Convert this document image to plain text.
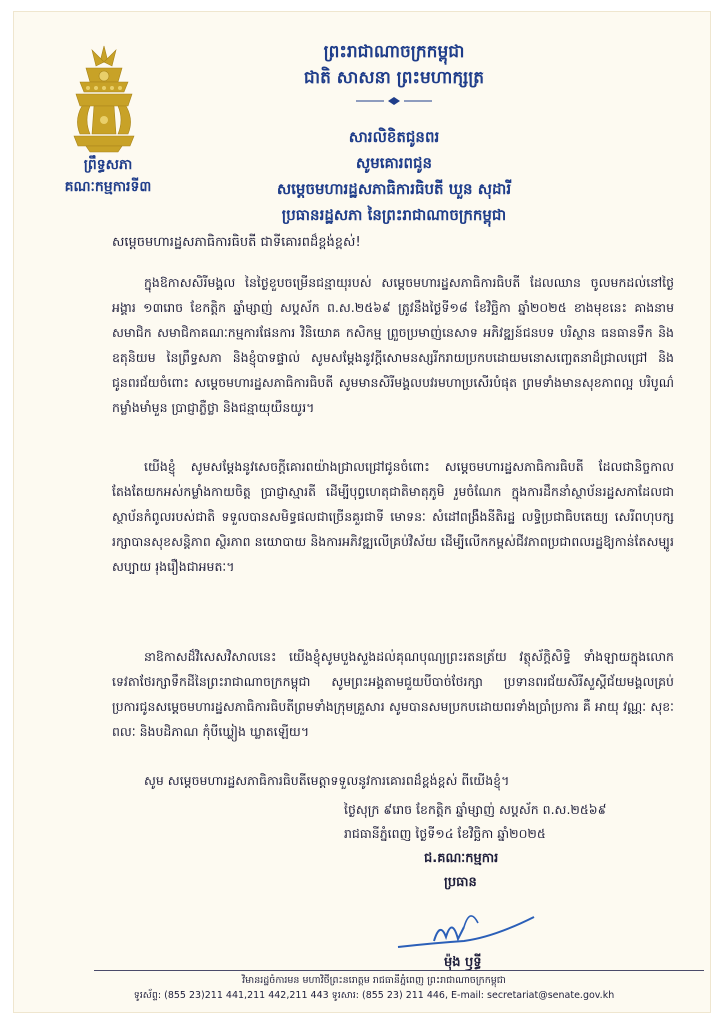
ព្រឹទ្ធសភា
គណៈកម្មការទី៣
ព្រះរាជាណាចក្រកម្ពុជា
ជាតិ សាសនា ព្រះមហាក្សត្រ
សារលិខិតជូនពរ
សូមគោរពជូន
សម្ដេចមហារដ្ឋសភាធិការធិបតី ឃួន សុដារី
ប្រធានរដ្ឋសភា នៃព្រះរាជាណាចក្រកម្ពុជា
សម្ដេចមហារដ្ឋសភាធិការធិបតី ជាទីគោរពដ៏ខ្ពង់ខ្ពស់!
ក្នុងឱកាសសិរីមង្គល នៃថ្ងៃខួបចម្រើនជន្មាយុរបស់ សម្ដេចមហារដ្ឋសភាធិការធិបតី ដែលឈាន ចូលមកដល់នៅថ្ងៃអង្គារ ១៣រោច ខែកត្ដិក ឆ្នាំម្សាញ់ សប្ដស័ក ព.ស.២៥៦៩ ត្រូវនឹងថ្ងៃទី១៨ ខែវិច្ឆិកា ឆ្នាំ២០២៥ ខាងមុខនេះ គាងនាមសមាជិក សមាជិកាគណៈកម្មការផែនការ វិនិយោគ កសិកម្ម ព្រួចប្រមាញ់នេសាទ អភិវឌ្ឍន៍ជនបទ បរិស្ថាន ធនធានទឹក និងឧតុនិយម នៃព្រឹទ្ធសភា និងខ្ញុំបាទផ្ទាល់ សូមសម្ដែងនូវក្ដីសោមនស្សរីករាយប្រកបដោយមនោសញ្ចេតនាដ៏ជ្រាលជ្រៅ និងជូនពរជ័យចំពោះ សម្ដេចមហារដ្ឋសភាធិការធិបតី សូមមានសិរីមង្គលបវរមហាប្រសើរបំផុត ព្រមទាំងមានសុខភាពល្អ បរិបូណ៌ កម្លាំងមាំមួន ប្រាជ្ញាភ្លឺថ្លា និងជន្មាយុយឺនយូរ។
យើងខ្ញុំ សូមសម្ដែងនូវសេចក្ដីគោរពយ៉ាងជ្រាលជ្រៅជូនចំពោះ សម្ដេចមហារដ្ឋសភាធិការធិបតី ដែលជានិច្ចកាល តែងតែយកអស់កម្លាំងកាយចិត្ត ប្រាជ្ញាស្មារតី ដើម្បីបុព្វហេតុជាតិមាតុភូមិ រួមចំណែក ក្នុងការដឹកនាំស្ថាប័នរដ្ឋសភាដែលជាស្ថាប័នកំពូលរបស់ជាតិ ទទួលបានសមិទ្ធផលជាច្រើនគួរជាទី មោទនៈ សំដៅពង្រឹងនីតិរដ្ឋ លទ្ធិប្រជាធិបតេយ្យ សេរីពហុបក្ស រក្សាបានសុខសន្តិភាព ស្ថិរភាព នយោបាយ និងការអភិវឌ្ឍលើគ្រប់វិស័យ ដើម្បីលើកកម្ពស់ជីវភាពប្រជាពលរដ្ឋឱ្យកាន់តែសម្បូរសប្បាយ រុងរឿងជាអមតៈ។
នាឱកាសដ៏វិសេសវិសាលនេះ យើងខ្ញុំសូមបួងសួងដល់គុណបុណ្យព្រះរតនត្រ័យ វត្ថុស័ក្ដិសិទ្ធិ ទាំងឡាយក្នុងលោក ទេវតាថែរក្សាទឹកដីនៃព្រះរាជាណាចក្រកម្ពុជា សូមព្រះអង្គតាមជួយបីបាច់ថែរក្សា ប្រទានពរជ័យសិរីសួស្ដីជ័យមង្គលគ្រប់ប្រការជូនសម្ដេចមហារដ្ឋសភាធិការធិបតីព្រមទាំងក្រុមគ្រួសារ សូមបានសមប្រកបដោយពរទាំងប្រាំប្រការ គឺ អាយុ វណ្ណៈ សុខៈ ពលៈ និងបដិភាណ កុំបីឃ្លៀង ឃ្លាតឡើយ។
សូម សម្ដេចមហារដ្ឋសភាធិការធិបតីមេត្តាទទួលនូវការគោរពដ៏ខ្ពង់ខ្ពស់ ពីយើងខ្ញុំ។
ថ្ងៃសុក្រ ៩រោច ខែកត្ដិក ឆ្នាំម្សាញ់ សប្ដស័ក ព.ស.២៥៦៩
រាជធានីភ្នំពេញ ថ្ងៃទី១៤ ខែវិច្ឆិកា ឆ្នាំ២០២៥
ជ.គណៈកម្មការ
ប្រធាន
ម៉ុង ឫទ្ធី
វិមានរដ្ឋចំការមន មហាវិថីព្រះនរោត្ដម រាជធានីភ្នំពេញ ព្រះរាជាណាចក្រកម្ពុជា
ទូរស័ព្ទ: (855 23)211 441,211 442,211 443 ទូរសារ: (855 23) 211 446, E-mail: secretariat@senate.gov.kh
